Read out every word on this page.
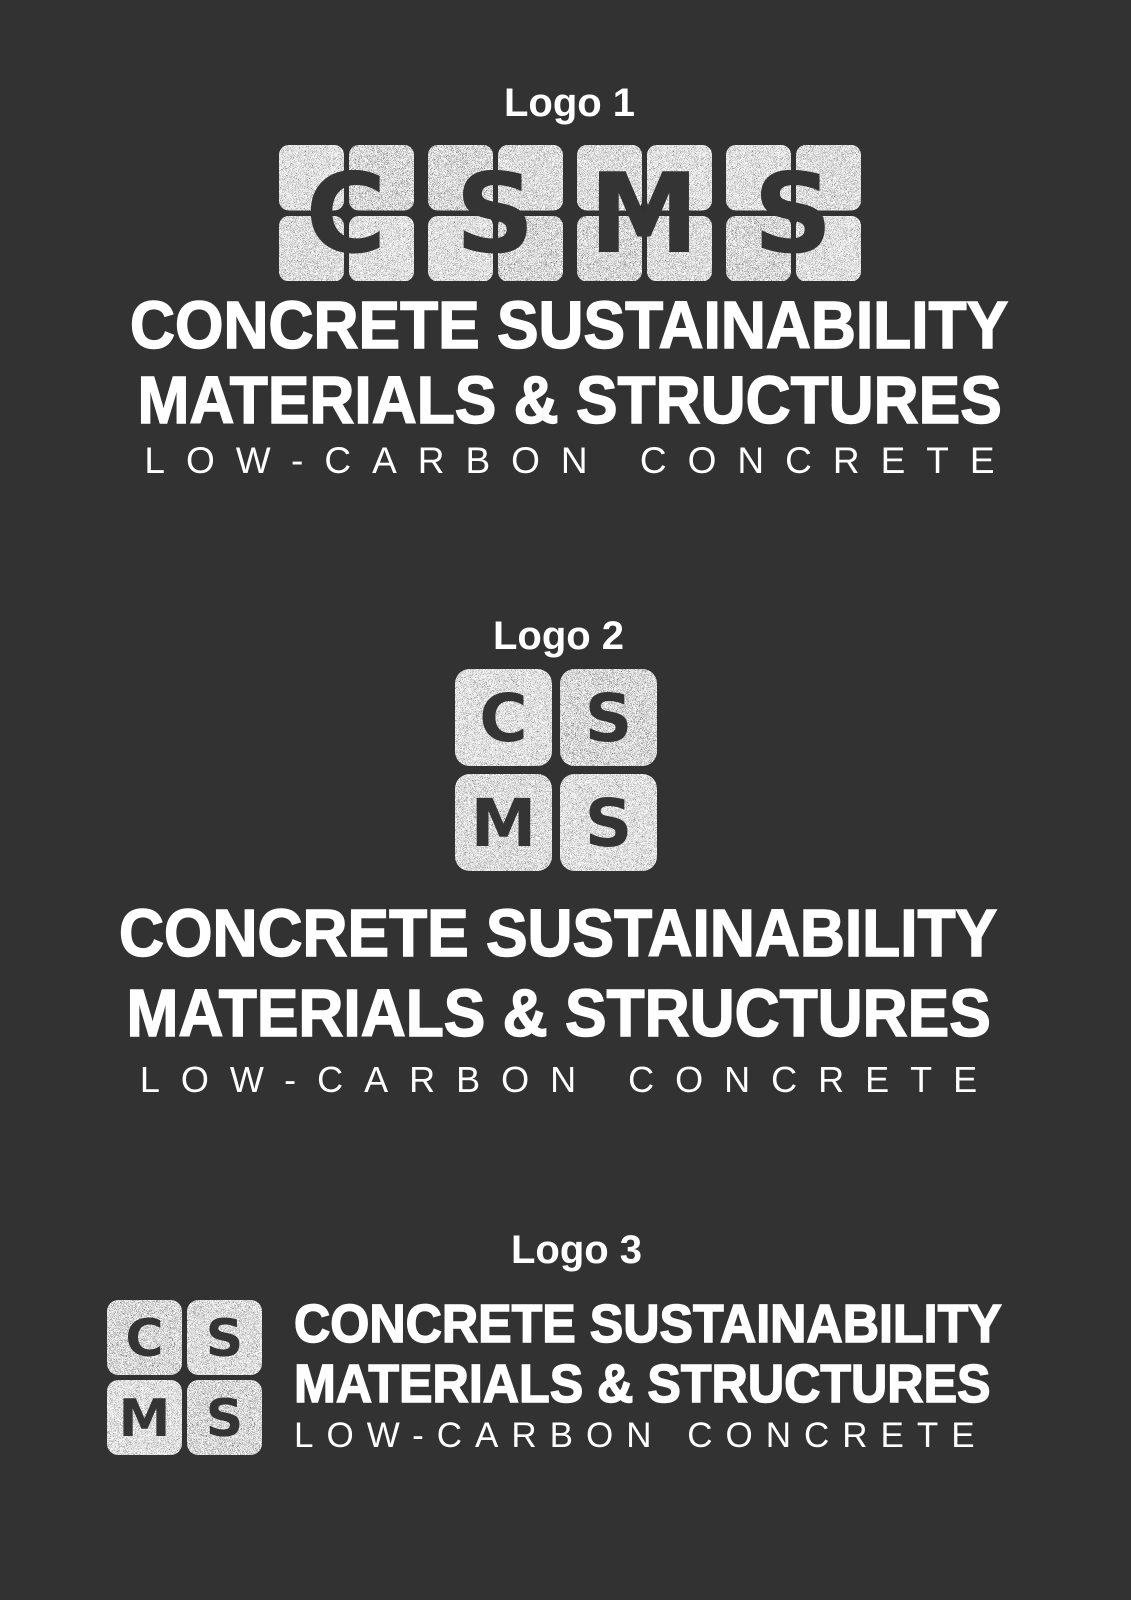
Logo 1
C S M S
CONCRETE SUSTAINABILITY
MATERIALS & STRUCTURES
LOW-CARBON CONCRETE
Logo 2
C S
M S
CONCRETE SUSTAINABILITY
MATERIALS & STRUCTURES
LOW-CARBON CONCRETE
Logo 3
C S
M S
CONCRETE SUSTAINABILITY
MATERIALS & STRUCTURES
LOW-CARBON CONCRETE
